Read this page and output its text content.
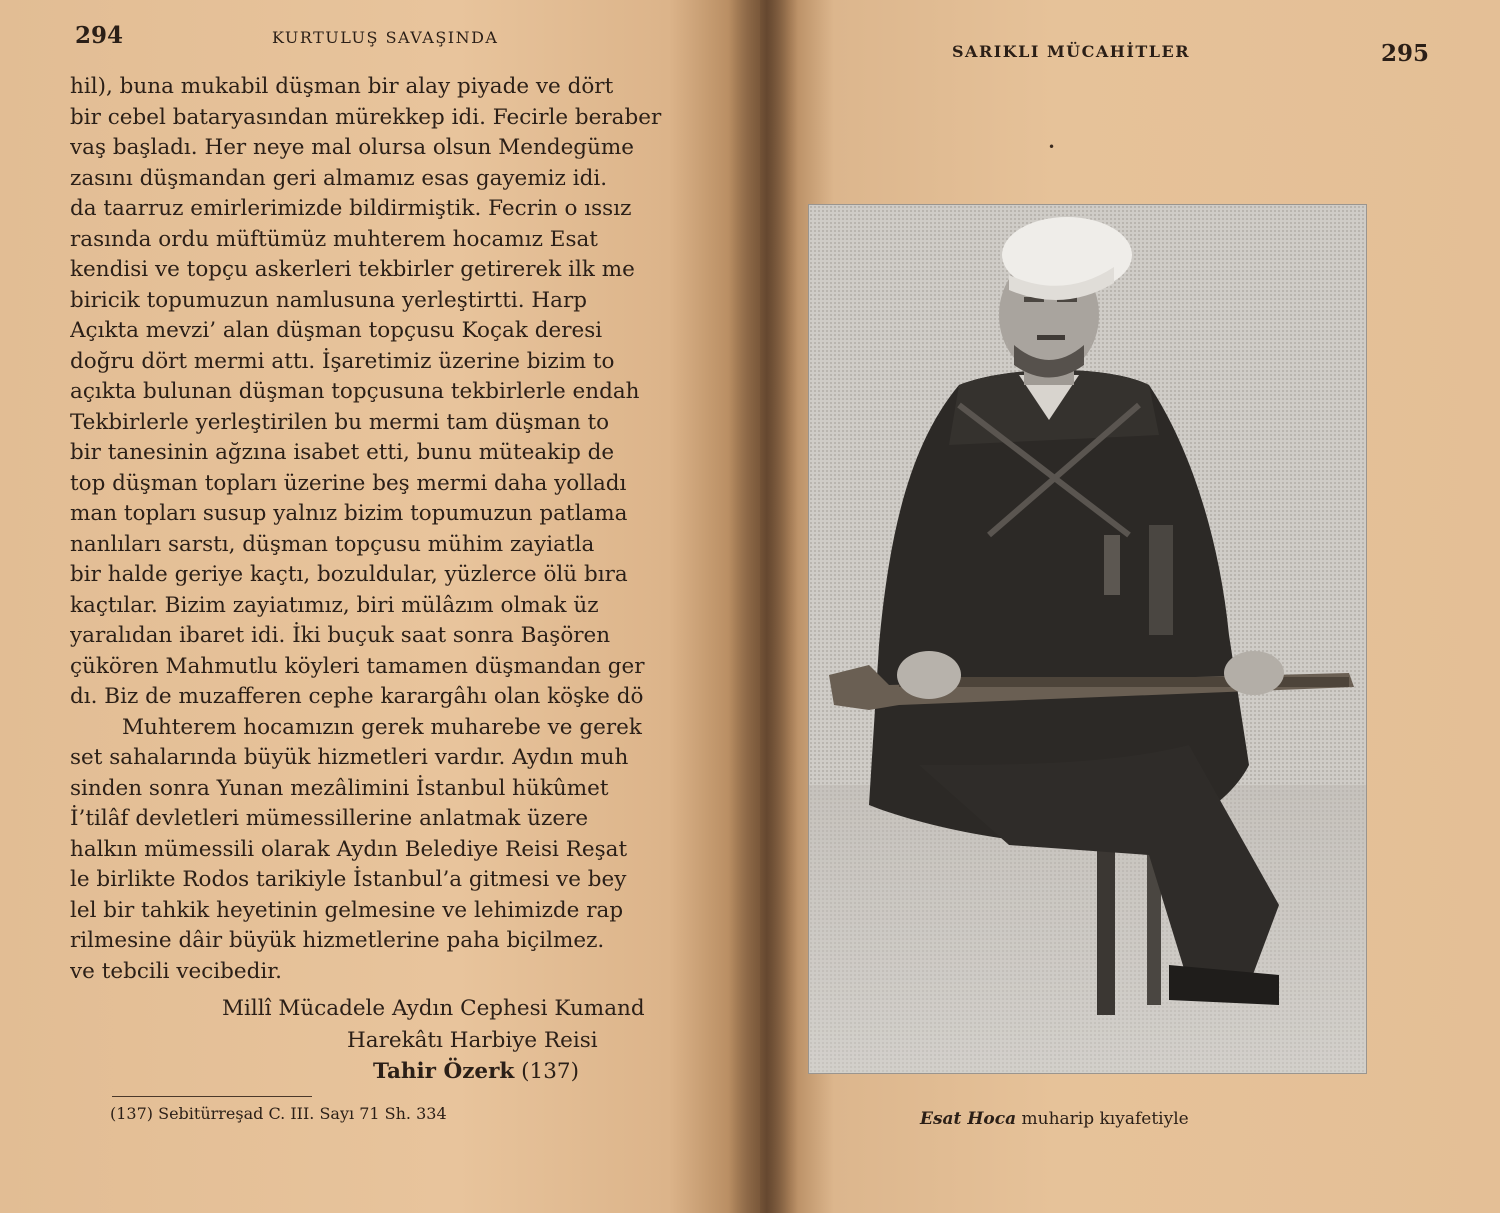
294	KURTULUŞ SAVAŞINDA
hil), buna mukabil düşman bir alay piyade ve dört
bir cebel bataryasından mürekkep idi. Fecirle beraber
vaş başladı. Her neye mal olursa olsun Mendegüme
zasını düşmandan geri almamız esas gayemiz idi.
da taarruz emirlerimizde bildirmiştik. Fecrin o ıssız
rasında ordu müftümüz muhterem hocamız Esat
kendisi ve topçu askerleri tekbirler getirerek ilk me
biricik topumuzun namlusuna yerleştirtti. Harp
Açıkta mevzi’ alan düşman topçusu Koçak deresi
doğru dört mermi attı. İşaretimiz üzerine bizim to
açıkta bulunan düşman topçusuna tekbirlerle endah
Tekbirlerle yerleştirilen bu mermi tam düşman to
bir tanesinin ağzına isabet etti, bunu müteakip de
top düşman topları üzerine beş mermi daha yolladı
man topları susup yalnız bizim topumuzun patlama
nanlıları sarstı, düşman topçusu mühim zayiatla
bir halde geriye kaçtı, bozuldular, yüzlerce ölü bıra
kaçtılar. Bizim zayiatımız, biri mülâzım olmak üz
yaralıdan ibaret idi. İki buçuk saat sonra Başören
çükören Mahmutlu köyleri tamamen düşmandan ger
dı. Biz de muzafferen cephe karargâhı olan köşke dö
Muhterem hocamızın gerek muharebe ve gerek
set sahalarında büyük hizmetleri vardır. Aydın muh
sinden sonra Yunan mezâlimini İstanbul hükûmet
İ’tilâf devletleri mümessillerine anlatmak üzere
halkın mümessili olarak Aydın Belediye Reisi Reşat
le birlikte Rodos tarikiyle İstanbul’a gitmesi ve bey
lel bir tahkik heyetinin gelmesine ve lehimizde rap
rilmesine dâir büyük hizmetlerine paha biçilmez.
ve tebcili vecibedir.
Millî Mücadele Aydın Cephesi Kumand
Harekâtı Harbiye Reisi
Tahir Özerk (137)
(137) Sebitürreşad C. III. Sayı 71 Sh. 334
SARIKLI MÜCAHİTLER	295
•
Esat Hoca muharip kıyafetiyle
